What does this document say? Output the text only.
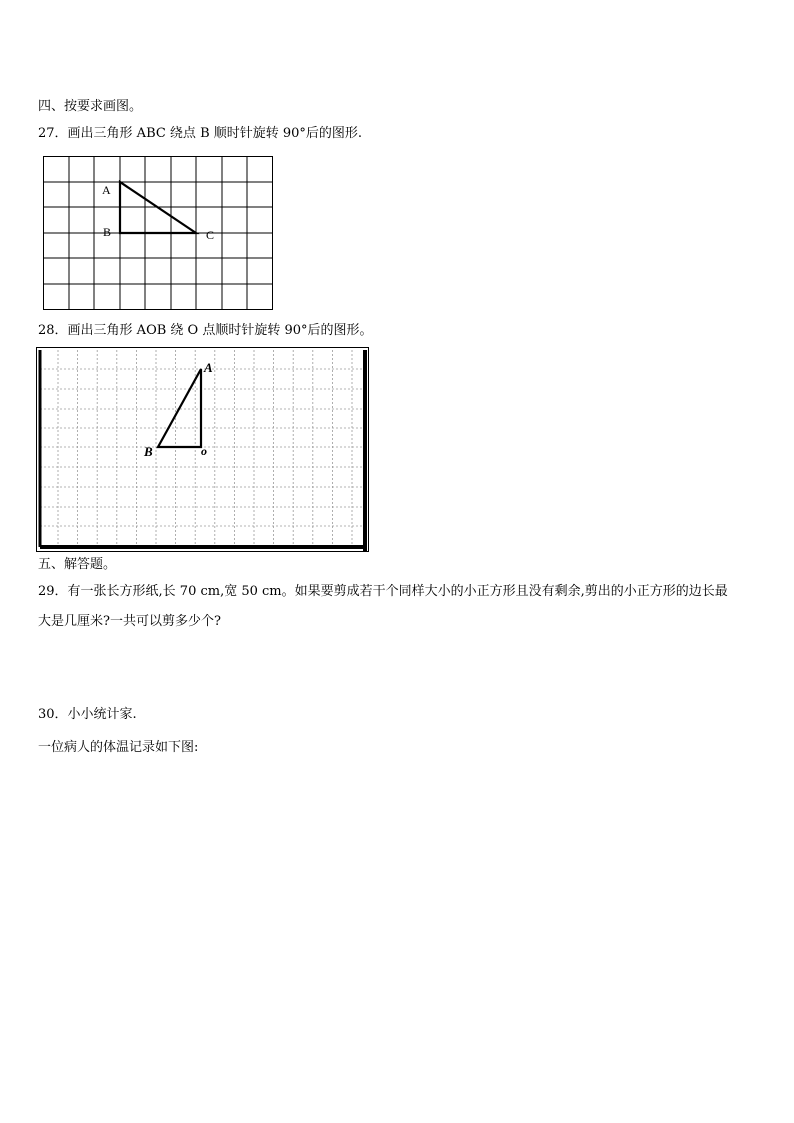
四、按要求画图。
27．画出三角形 ABC 绕点 B 顺时针旋转 90°后的图形.
A
B	C
28．画出三角形 AOB 绕 O 点顺时针旋转 90°后的图形。
A
B	o
五、解答题。
29．有一张长方形纸,长 70 cm,宽 50 cm。如果要剪成若干个同样大小的小正方形且没有剩余,剪出的小正方形的边长最
大是几厘米?一共可以剪多少个?
30．小小统计家.
一位病人的体温记录如下图:
